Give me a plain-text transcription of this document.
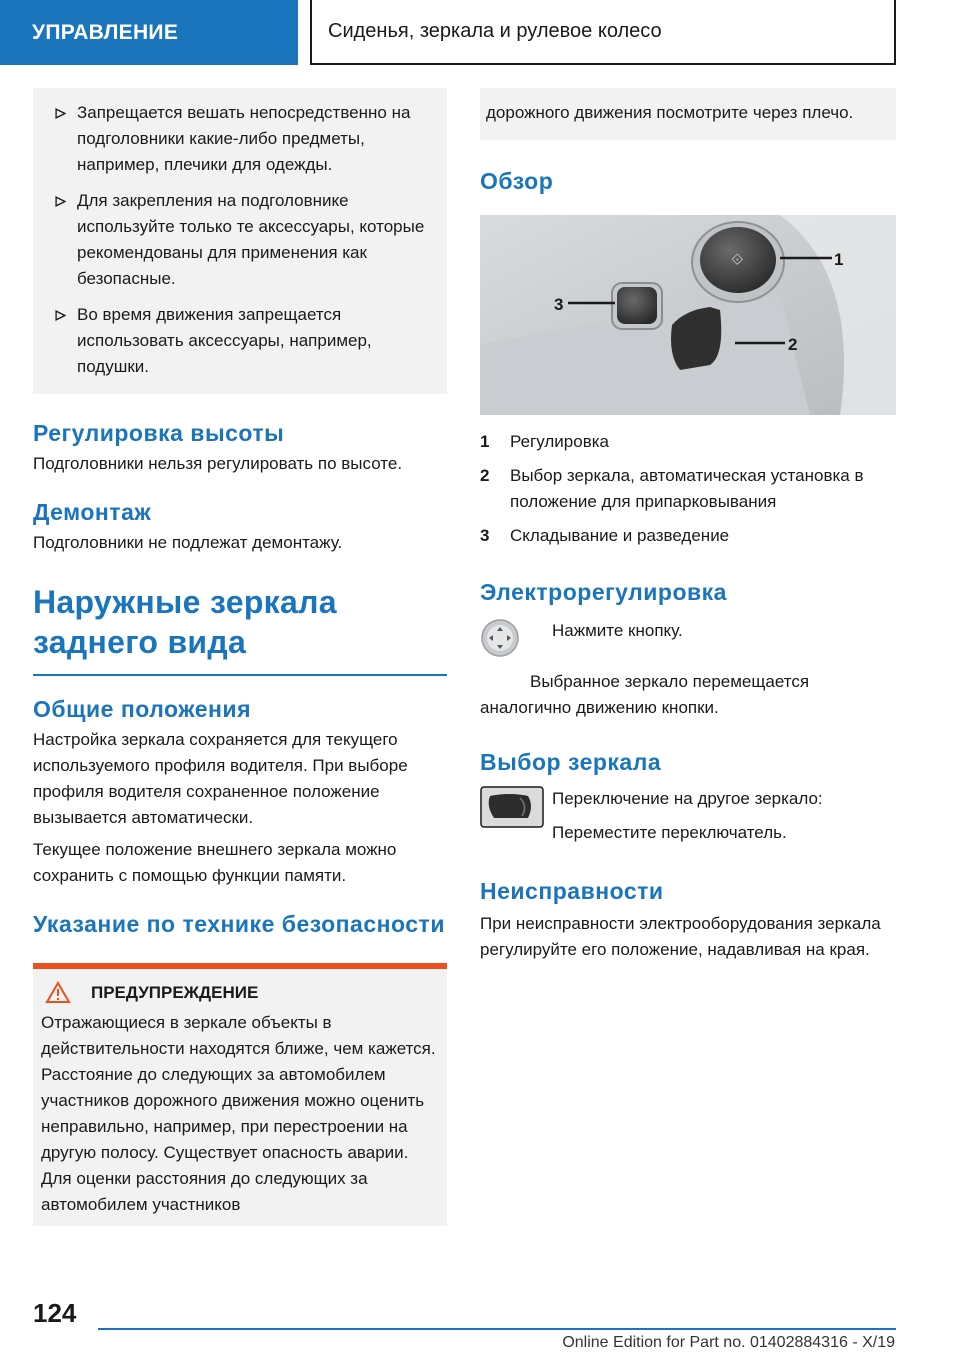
УПРАВЛЕНИЕ	Сиденья, зеркала и рулевое колесо
Запрещается вешать непосредственно на подголовники какие-либо предметы, например, плечики для одежды.
Для закрепления на подголовнике используйте только те аксессуары, которые рекомендованы для применения как безопасные.
Во время движения запрещается использовать аксессуары, например, подушки.
Регулировка высоты
Подголовники нельзя регулировать по высоте.
Демонтаж
Подголовники не подлежат демонтажу.
Наружные зеркала заднего вида
Общие положения
Настройка зеркала сохраняется для текущего используемого профиля водителя. При выборе профиля водителя сохраненное положение вызывается автоматически.
Текущее положение внешнего зеркала можно сохранить с помощью функции памяти.
Указание по технике безопасности
ПРЕДУПРЕЖДЕНИЕ
Отражающиеся в зеркале объекты в действительности находятся ближе, чем кажется. Расстояние до следующих за автомобилем участников дорожного движения можно оценить неправильно, например, при перестроении на другую полосу. Существует опасность аварии. Для оценки расстояния до следующих за автомобилем участников
дорожного движения посмотрите через плечо.
Обзор
⟐	1
2
3
1	Регулировка
2	Выбор зеркала, автоматическая установка в положение для припарковывания
3	Складывание и разведение
Электрорегулировка
Нажмите кнопку.
Выбранное зеркало перемещается аналогично движению кнопки.
Выбор зеркала
Переключение на другое зеркало:
Переместите переключатель.
Неисправности
При неисправности электрооборудования зеркала регулируйте его положение, надавливая на края.
124
Online Edition for Part no. 01402884316 - X/19
